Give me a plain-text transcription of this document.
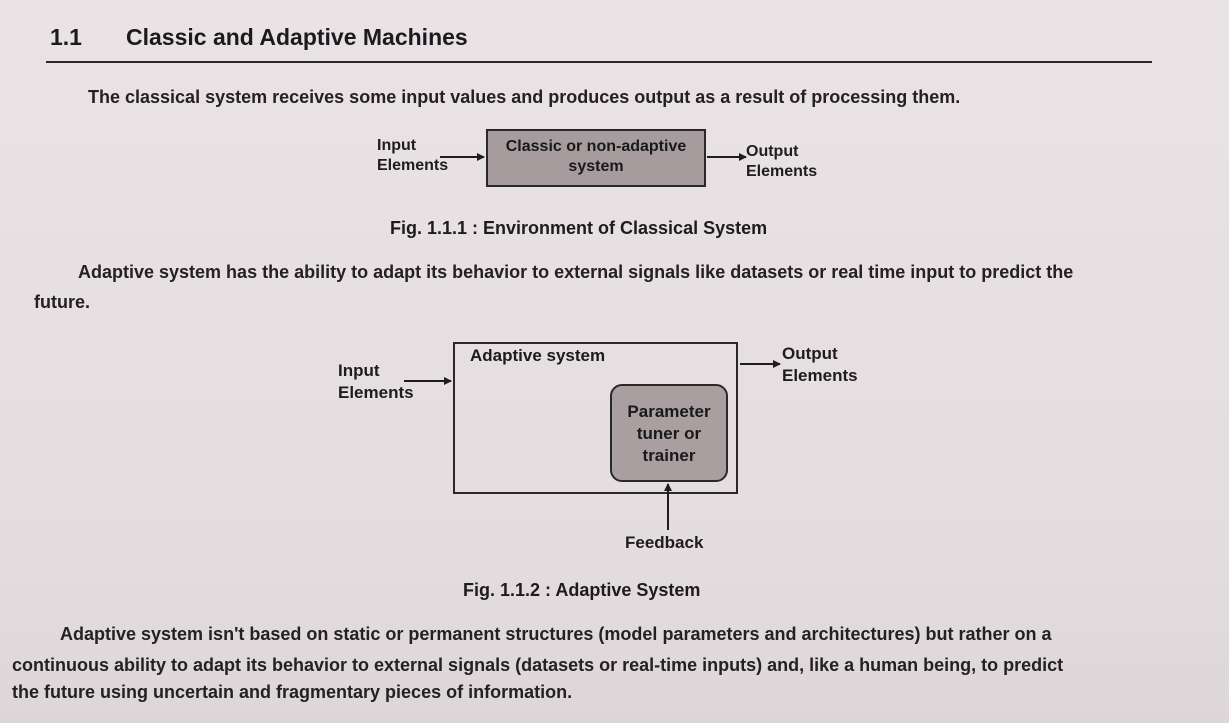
1.1 Classic and Adaptive Machines
The classical system receives some input values and produces output as a result of processing them.
Input
Elements
Classic or non-adaptive
system
Output
Elements
Fig. 1.1.1 : Environment of Classical System
Adaptive system has the ability to adapt its behavior to external signals like datasets or real time input to predict the
future.
Adaptive system
Parameter
tuner or
trainer
Input
Elements
Output
Elements
Feedback
Fig. 1.1.2 : Adaptive System
Adaptive system isn't based on static or permanent structures (model parameters and architectures) but rather on a
continuous ability to adapt its behavior to external signals (datasets or real-time inputs) and, like a human being, to predict
the future using uncertain and fragmentary pieces of information.
